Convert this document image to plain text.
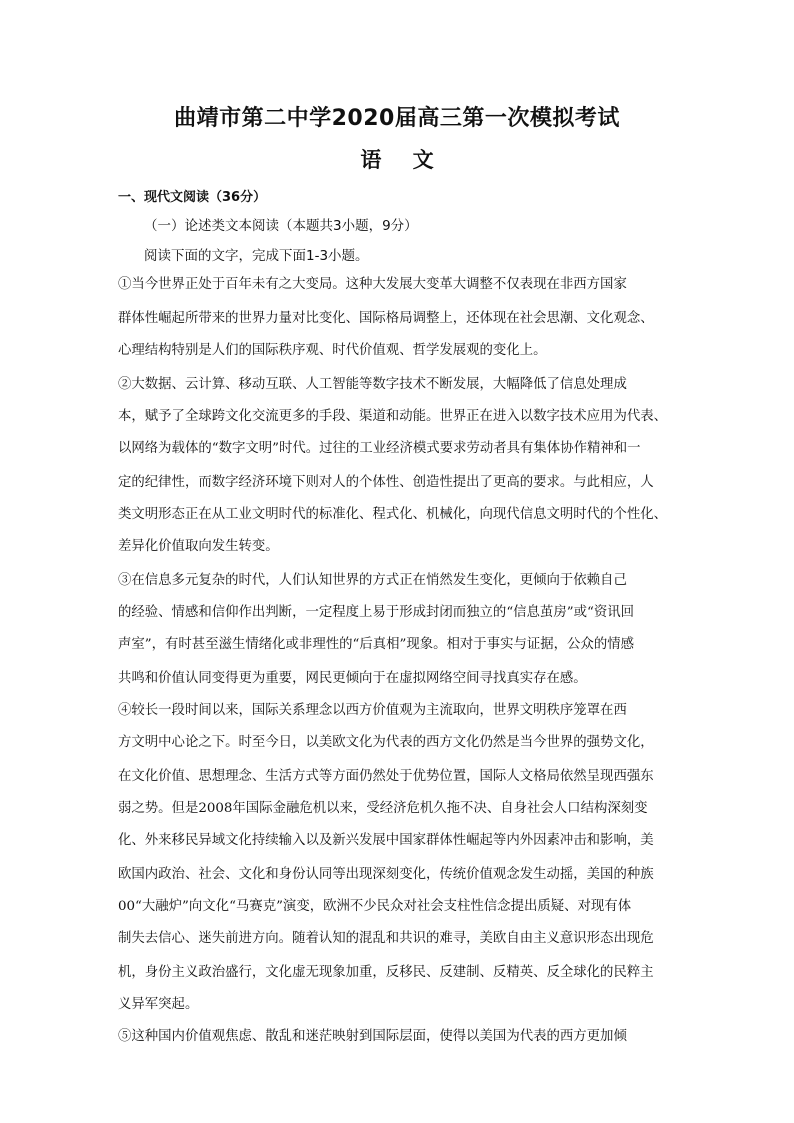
曲靖市第二中学2020届高三第一次模拟考试
语 文
一、现代文阅读（36分）
（一）论述类文本阅读（本题共3小题，9分）
阅读下面的文字，完成下面1-3小题。
①当今世界正处于百年未有之大变局。这种大发展大变革大调整不仅表现在非西方国家
群体性崛起所带来的世界力量对比变化、国际格局调整上，还体现在社会思潮、文化观念、
心理结构特别是人们的国际秩序观、时代价值观、哲学发展观的变化上。
②大数据、云计算、移动互联、人工智能等数字技术不断发展，大幅降低了信息处理成
本，赋予了全球跨文化交流更多的手段、渠道和动能。世界正在进入以数字技术应用为代表、
以网络为载体的“数字文明”时代。过往的工业经济模式要求劳动者具有集体协作精神和一
定的纪律性，而数字经济环境下则对人的个体性、创造性提出了更高的要求。与此相应，人
类文明形态正在从工业文明时代的标准化、程式化、机械化，向现代信息文明时代的个性化、
差异化价值取向发生转变。
③在信息多元复杂的时代，人们认知世界的方式正在悄然发生变化，更倾向于依赖自己
的经验、情感和信仰作出判断，一定程度上易于形成封闭而独立的“信息茧房”或“资讯回
声室”，有时甚至滋生情绪化或非理性的“后真相”现象。相对于事实与证据，公众的情感
共鸣和价值认同变得更为重要，网民更倾向于在虚拟网络空间寻找真实存在感。
④较长一段时间以来，国际关系理念以西方价值观为主流取向，世界文明秩序笼罩在西
方文明中心论之下。时至今日，以美欧文化为代表的西方文化仍然是当今世界的强势文化，
在文化价值、思想理念、生活方式等方面仍然处于优势位置，国际人文格局依然呈现西强东
弱之势。但是2008年国际金融危机以来，受经济危机久拖不决、自身社会人口结构深刻变
化、外来移民异域文化持续输入以及新兴发展中国家群体性崛起等内外因素冲击和影响，美
欧国内政治、社会、文化和身份认同等出现深刻变化，传统价值观念发生动摇，美国的种族
00“大融炉”向文化“马赛克”演变，欧洲不少民众对社会支柱性信念提出质疑、对现有体
制失去信心、迷失前进方向。随着认知的混乱和共识的难寻，美欧自由主义意识形态出现危
机，身份主义政治盛行，文化虚无现象加重，反移民、反建制、反精英、反全球化的民粹主
义异军突起。
⑤这种国内价值观焦虑、散乱和迷茫映射到国际层面，使得以美国为代表的西方更加倾
